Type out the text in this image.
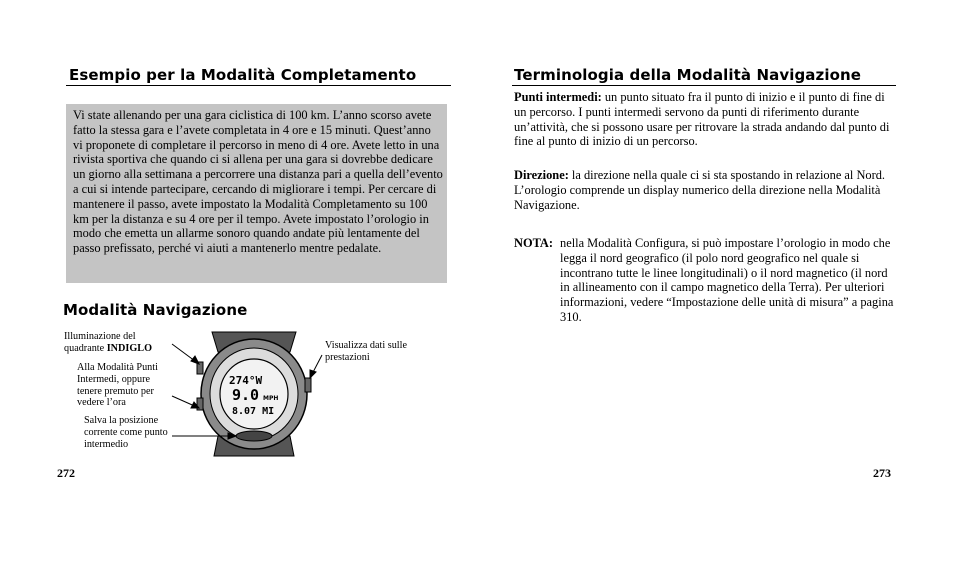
Esempio per la Modalità Completamento
Vi state allenando per una gara ciclistica di 100 km. L’anno scorso avete fatto la stessa gara e l’avete completata in 4 ore e 15 minuti. Quest’anno vi proponete di completare il percorso in meno di 4 ore. Avete letto in una rivista sportiva che quando ci si allena per una gara si dovrebbe dedicare un giorno alla settimana a percorrere una distanza pari a quella dell’evento a cui si intende partecipare, cercando di migliorare i tempi. Per cercare di mantenere il passo, avete impostato la Modalità Completamento su 100 km per la distanza e su 4 ore per il tempo. Avete impostato l’orologio in modo che emetta un allarme sonoro quando andate più lentamente del passo prefissato, perché vi aiuti a mantenerlo mentre pedalate.
Modalità Navigazione
274°W
9.0 MPH
8.07 MI
Illuminazione del quadrante INDIGLO
Alla Modalità Punti Intermedi, oppure tenere premuto per vedere l’ora
Salva la posizione corrente come punto intermedio
Visualizza dati sulle prestazioni
272
Terminologia della Modalità Navigazione
Punti intermedi: un punto situato fra il punto di inizio e il punto di fine di un percorso. I punti intermedi servono da punti di riferimento durante un’attività, che si possono usare per ritrovare la strada andando dal punto di fine al punto di inizio di un percorso.
Direzione: la direzione nella quale ci si sta spostando in relazione al Nord. L’orologio comprende un display numerico della direzione nella Modalità Navigazione.
NOTA: nella Modalità Configura, si può impostare l’orologio in modo che legga il nord geografico (il polo nord geografico nel quale si incontrano tutte le linee longitudinali) o il nord magnetico (il nord in allineamento con il campo magnetico della Terra). Per ulteriori informazioni, vedere “Impostazione delle unità di misura” a pagina 310.
273
